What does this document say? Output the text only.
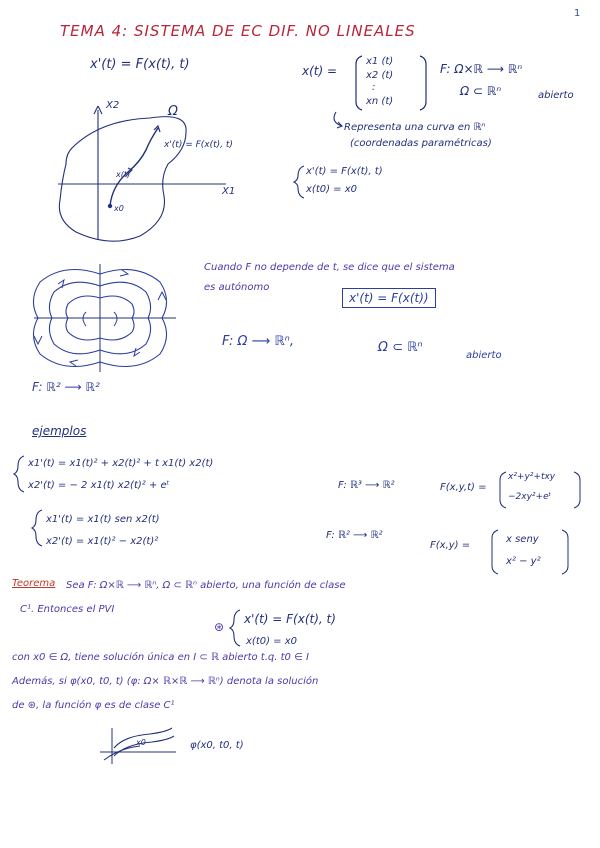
1
TEMA 4: SISTEMA DE EC DIF. NO LINEALES
x'(t) = F(x(t), t)	x(t) =
x1 (t)
x2 (t)
:
xn (t)
F: Ω×ℝ ⟶ ℝⁿ
Ω ⊂ ℝⁿ	abierto
Representa una curva en ℝⁿ
(coordenadas paramétricas)
x'(t) = F(x(t), t)
x(t0) = x0
X2
X1
Ω
x'(t) = F(x(t), t)
x(t)
x0
Cuando F no depende de t, se dice que el sistema
es autónomo
x'(t) = F(x(t))
F: Ω ⟶ ℝⁿ,	Ω ⊂ ℝⁿ
abierto
F: ℝ² ⟶ ℝ²
ejemplos
x1'(t) = x1(t)² + x2(t)² + t x1(t) x2(t)
x2'(t) = − 2 x1(t) x2(t)² + eᵗ	F: ℝ³ ⟶ ℝ²	F(x,y,t) =
x²+y²+txy
−2xy²+eᵗ
x1'(t) = x1(t) sen x2(t)
x2'(t) = x1(t)² − x2(t)²
F: ℝ² ⟶ ℝ²
F(x,y) =
x seny
x² − y²
Teorema Sea F: Ω×ℝ ⟶ ℝⁿ, Ω ⊂ ℝⁿ abierto, una función de clase
C¹. Entonces el PVI
⊛
x'(t) = F(x(t), t)
x(t0) = x0
con x0 ∈ Ω, tiene solución única en I ⊂ ℝ abierto t.q. t0 ∈ I
Además, si φ(x0, t0, t) (φ: Ω× ℝ×ℝ ⟶ ℝⁿ) denota la solución
de ⊛, la función φ es de clase C¹
x0	φ(x0, t0, t)
